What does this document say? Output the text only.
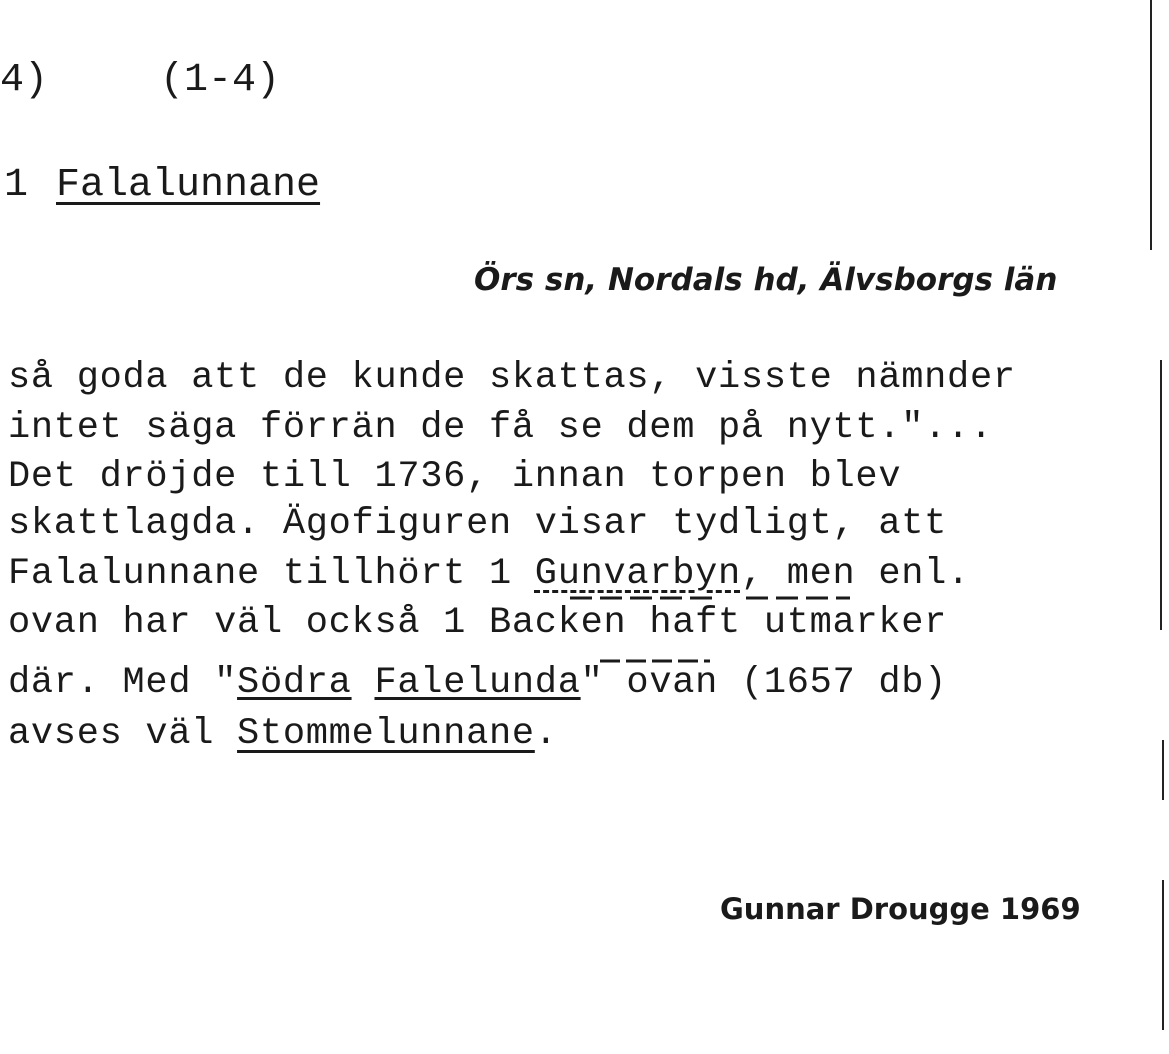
4)	(1-4)
1 Falalunnane
Örs sn, Nordals hd, Älvsborgs län
så goda att de kunde skattas, visste nämnder
intet säga förrän de få se dem på nytt."...
Det dröjde till 1736, innan torpen blev
skattlagda. Ägofiguren visar tydligt, att
Falalunnane tillhört 1 Gunvarbyn, men enl.
ovan har väl också 1 Backen haft utmarker
där. Med "Södra Falelunda" ovan (1657 db)
avses väl Stommelunnane.
Gunnar Drougge 1969
